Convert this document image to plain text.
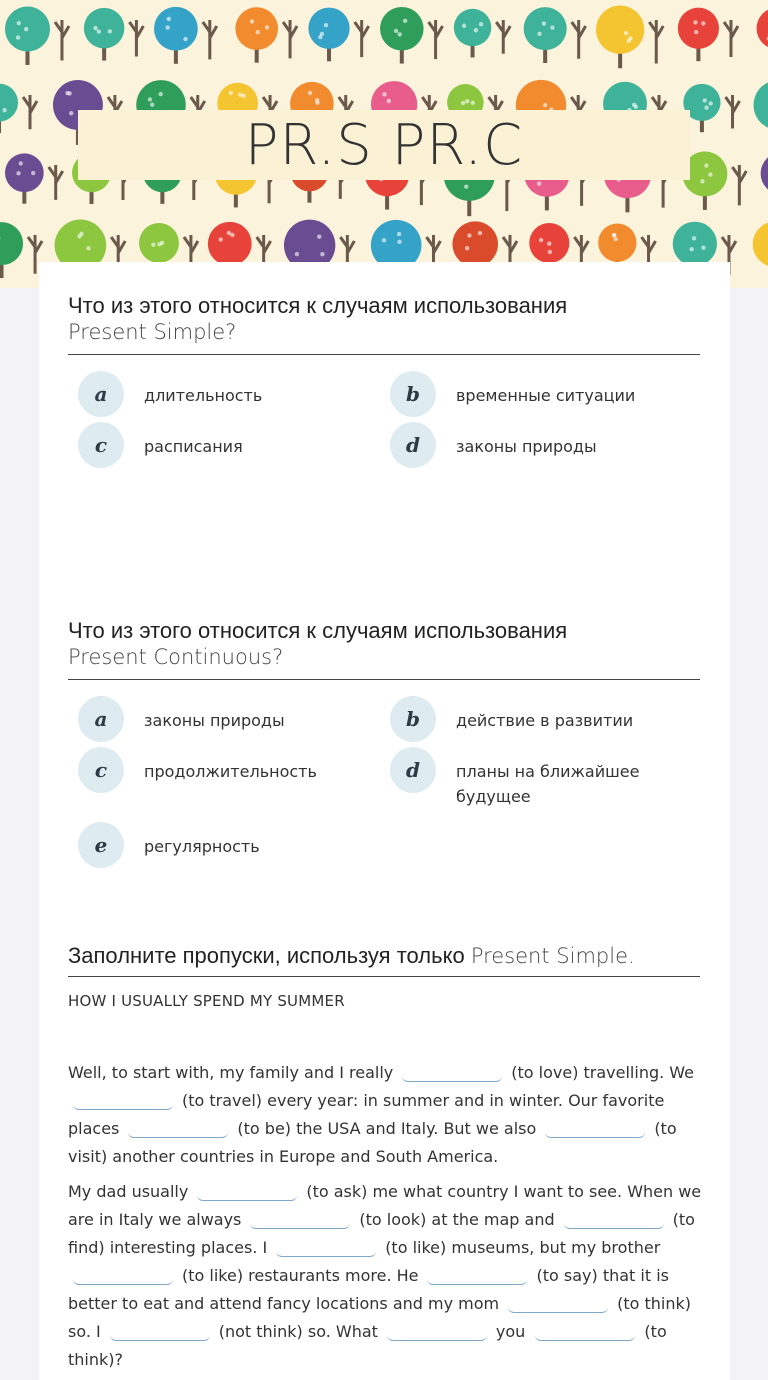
PR.S PR.C
Что из этого относится к случаям использования
Present Simple?
a	длительность	b	временные ситуации
c	расписания	d	законы природы
Что из этого относится к случаям использования
Present Continuous?
a	законы природы	b	действие в развитии
c	продолжительность	d	планы на ближайшее будущее
e	регулярность
Заполните пропуски, используя только Present Simple.
HOW I USUALLY SPEND MY SUMMER
Well, to start with, my family and I really	(to love) travelling. We (to travel) every year: in summer and in winter. Our favorite places	(to be) the USA and Italy. But we also	(to visit) another countries in Europe and South America.
My dad usually	(to ask) me what country I want to see. When we are in Italy we always	(to look) at the map and	(to find) interesting places. I	(to like) museums, but my brother (to like) restaurants more. He	(to say) that it is better to eat and attend fancy locations and my mom	(to think) so. I	(not think) so. What	you	(to think)?
